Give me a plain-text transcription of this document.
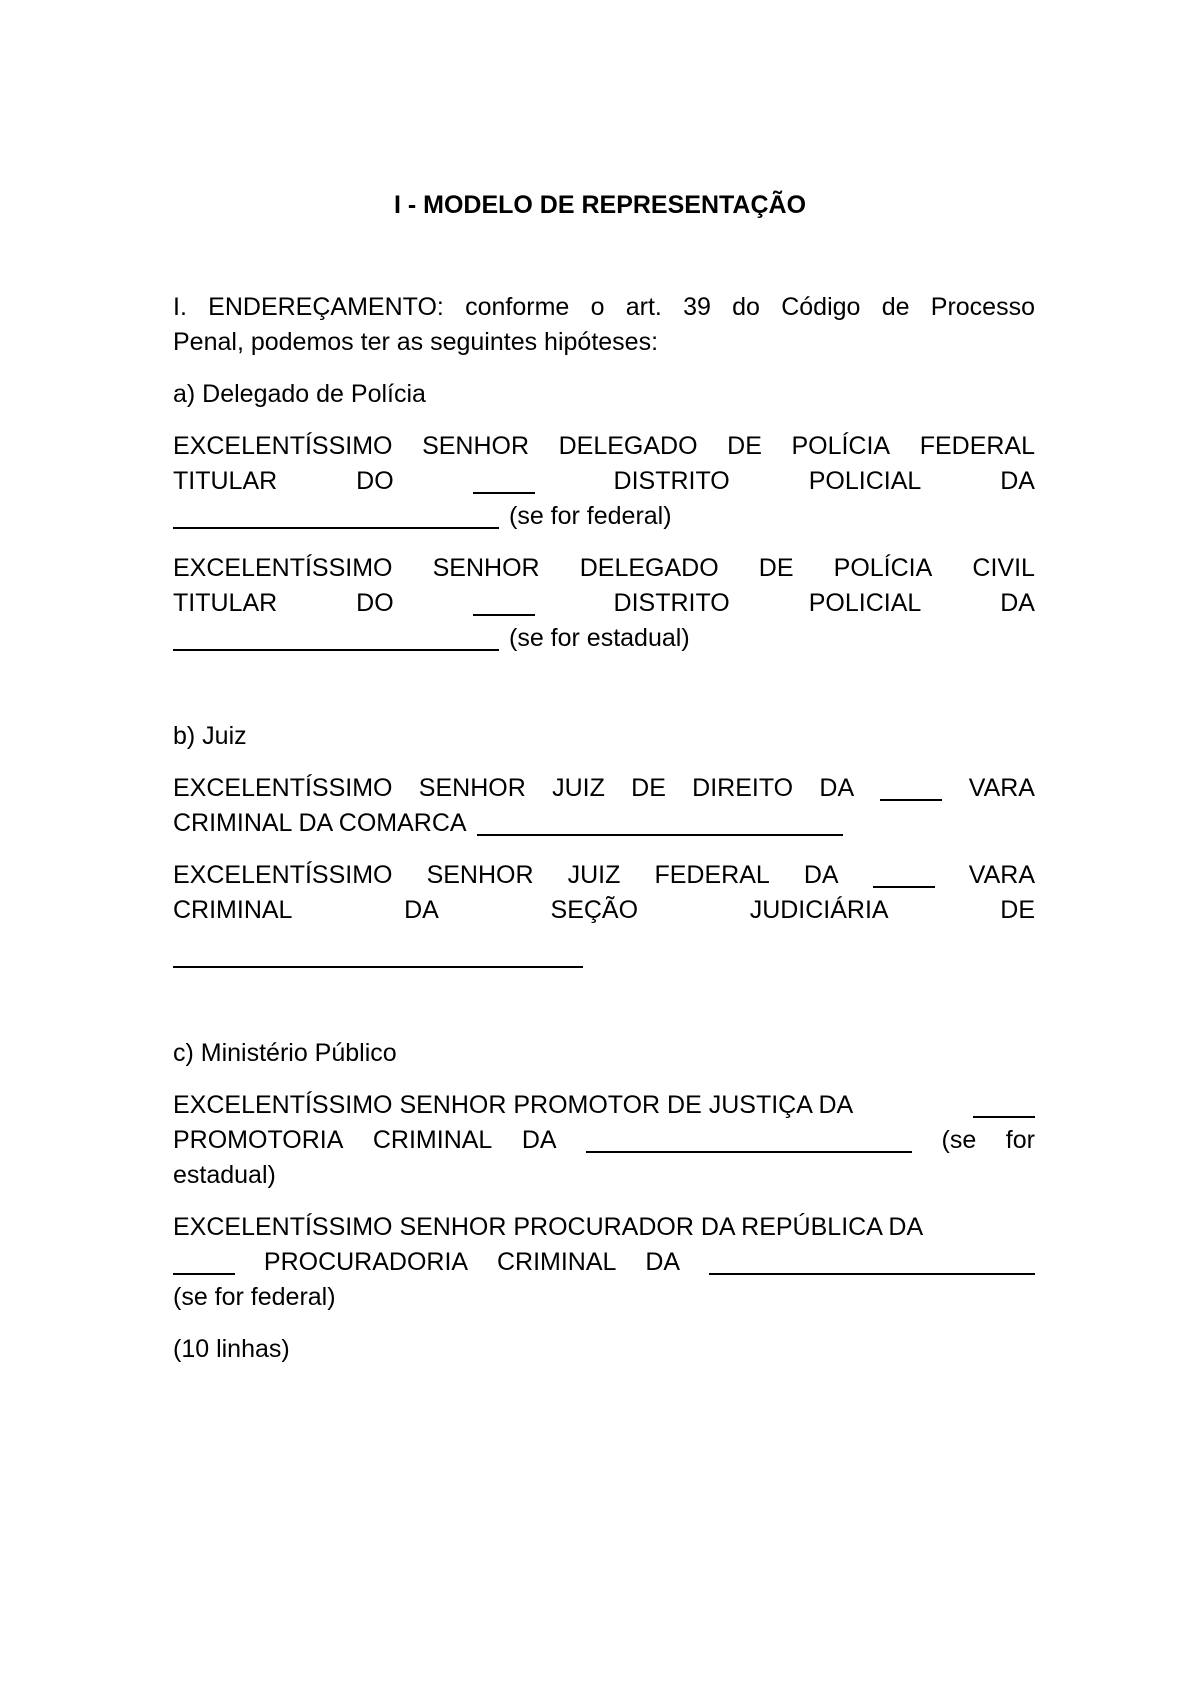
I - MODELO DE REPRESENTAÇÃO
I. ENDEREÇAMENTO: conforme o art. 39 do Código de Processo
Penal, podemos ter as seguintes hipóteses:
a) Delegado de Polícia
EXCELENTÍSSIMO SENHOR DELEGADO DE POLÍCIA FEDERAL
TITULAR	DO	DISTRITO	POLICIAL	DA
(se for federal)
EXCELENTÍSSIMO SENHOR DELEGADO DE POLÍCIA CIVIL
TITULAR	DO	DISTRITO	POLICIAL	DA
(se for estadual)
b) Juiz
EXCELENTÍSSIMO SENHOR JUIZ DE DIREITO DA	VARA
CRIMINAL DA COMARCA
EXCELENTÍSSIMO SENHOR JUIZ FEDERAL DA	VARA
CRIMINAL	DA	SEÇÃO	JUDICIÁRIA	DE
c) Ministério Público
EXCELENTÍSSIMO SENHOR PROMOTOR DE JUSTIÇA DA
PROMOTORIA CRIMINAL DA	(se for
estadual)
EXCELENTÍSSIMO SENHOR PROCURADOR DA REPÚBLICA DA
PROCURADORIA CRIMINAL DA
(se for federal)
(10 linhas)
